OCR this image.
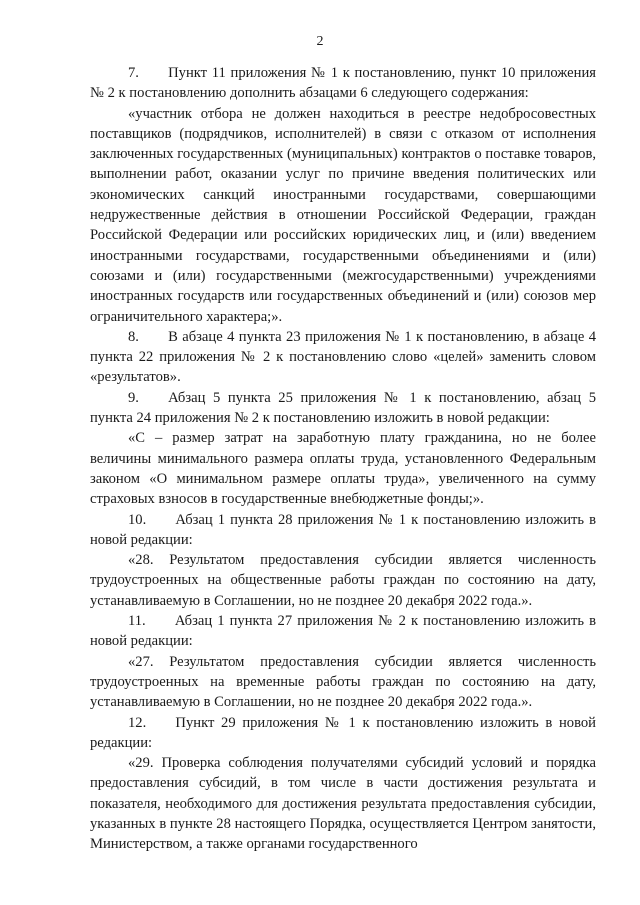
2

7.  Пункт 11 приложения № 1 к постановлению, пункт 10 приложения № 2 к постановлению дополнить абзацами 6 следующего содержания:

«участник отбора не должен находиться в реестре недобросовестных поставщиков (подрядчиков, исполнителей) в связи с отказом от исполнения заключенных государственных (муниципальных) контрактов о поставке товаров, выполнении работ, оказании услуг по причине введения политических или экономических санкций иностранными государствами, совершающими недружественные действия в отношении Российской Федерации, граждан Российской Федерации или российских юридических лиц, и (или) введением иностранными государствами, государственными объединениями и (или) союзами и (или) государственными (межгосударственными) учреждениями иностранных государств или государственных объединений и (или) союзов мер ограничительного характера;».

8.  В абзаце 4 пункта 23 приложения № 1 к постановлению, в абзаце 4 пункта 22 приложения № 2 к постановлению слово «целей» заменить словом «результатов».

9.  Абзац 5 пункта 25 приложения № 1 к постановлению, абзац 5 пункта 24 приложения № 2 к постановлению изложить в новой редакции:

«С – размер затрат на заработную плату гражданина, но не более величины минимального размера оплаты труда, установленного Федеральным законом «О минимальном размере оплаты труда», увеличенного на сумму страховых взносов в государственные внебюджетные фонды;».

10.  Абзац 1 пункта 28 приложения № 1 к постановлению изложить в новой редакции:

«28. Результатом предоставления субсидии является численность трудоустроенных на общественные работы граждан по состоянию на дату, устанавливаемую в Соглашении, но не позднее 20 декабря 2022 года.».

11.  Абзац 1 пункта 27 приложения № 2 к постановлению изложить в новой редакции:

«27. Результатом предоставления субсидии является численность трудоустроенных на временные работы граждан по состоянию на дату, устанавливаемую в Соглашении, но не позднее 20 декабря 2022 года.».

12.  Пункт 29 приложения № 1 к постановлению изложить в новой редакции:

«29. Проверка соблюдения получателями субсидий условий и порядка предоставления субсидий, в том числе в части достижения результата и показателя, необходимого для достижения результата предоставления субсидии, указанных в пункте 28 настоящего Порядка, осуществляется Центром занятости, Министерством, а также органами государственного
